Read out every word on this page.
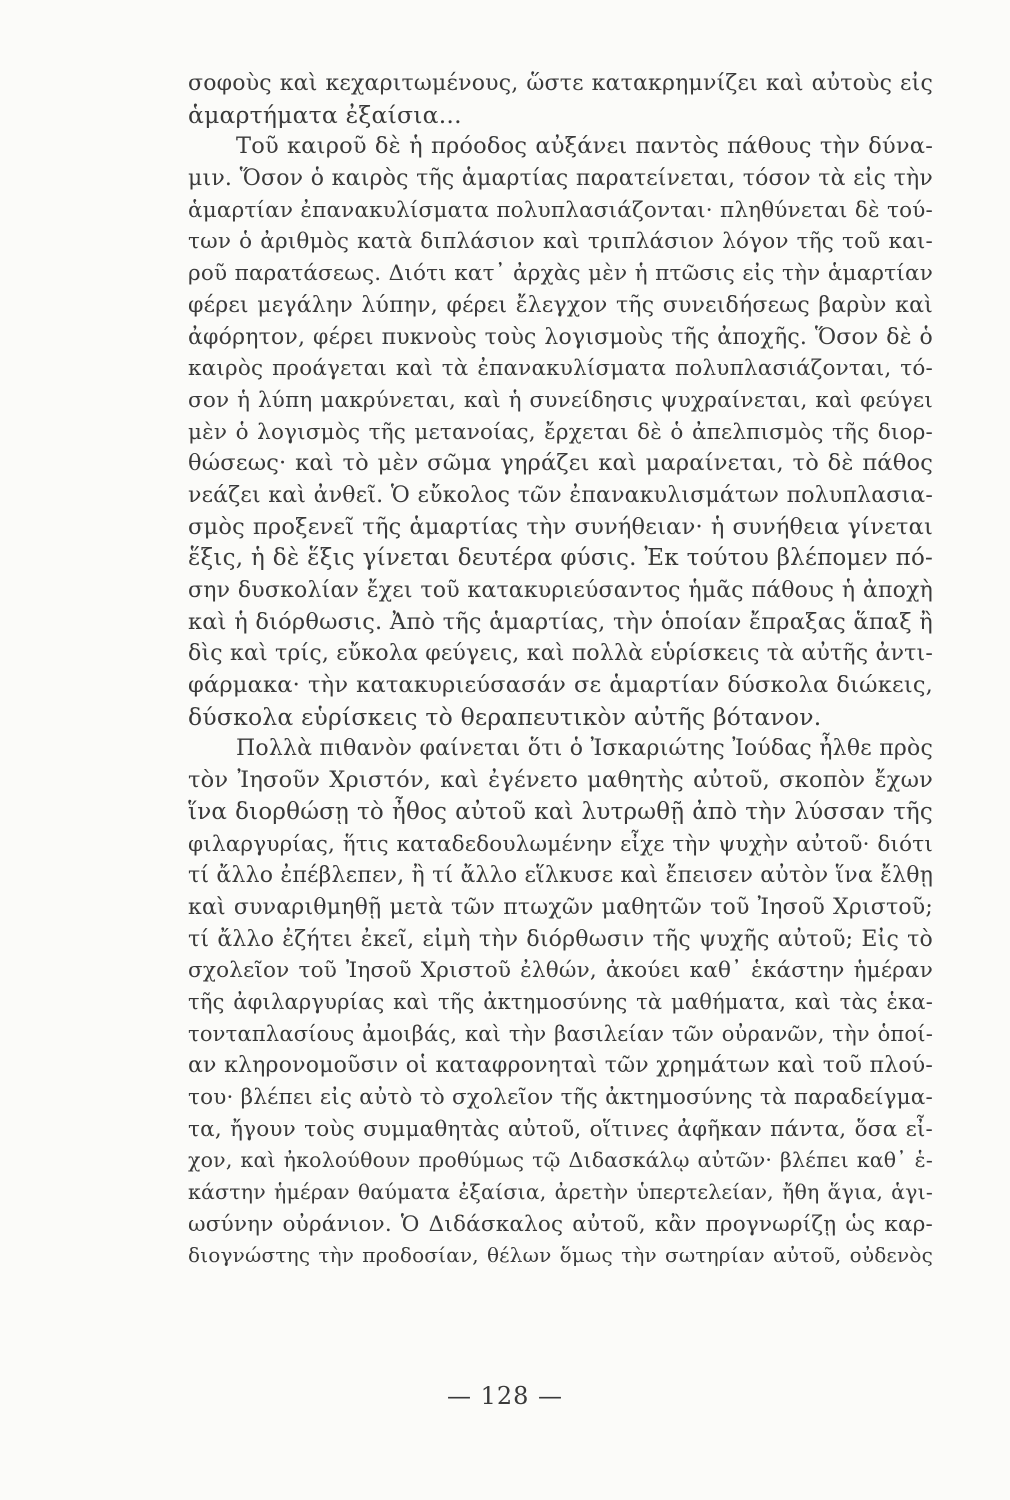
σοφοὺς καὶ κεχαριτωμένους, ὥστε κατακρημνίζει καὶ αὐτοὺς εἰς
ἁμαρτήματα ἐξαίσια...
Τοῦ καιροῦ δὲ ἡ πρόοδος αὐξάνει παντὸς πάθους τὴν δύνα-
μιν. Ὅσον ὁ καιρὸς τῆς ἁμαρτίας παρατείνεται, τόσον τὰ εἰς τὴν
ἁμαρτίαν ἐπανακυλίσματα πολυπλασιάζονται· πληθύνεται δὲ τού-
των ὁ ἀριθμὸς κατὰ διπλάσιον καὶ τριπλάσιον λόγον τῆς τοῦ και-
ροῦ παρατάσεως. Διότι κατ᾽ ἀρχὰς μὲν ἡ πτῶσις εἰς τὴν ἁμαρτίαν
φέρει μεγάλην λύπην, φέρει ἔλεγχον τῆς συνειδήσεως βαρὺν καὶ
ἀφόρητον, φέρει πυκνοὺς τοὺς λογισμοὺς τῆς ἀποχῆς. Ὅσον δὲ ὁ
καιρὸς προάγεται καὶ τὰ ἐπανακυλίσματα πολυπλασιάζονται, τό-
σον ἡ λύπη μακρύνεται, καὶ ἡ συνείδησις ψυχραίνεται, καὶ φεύγει
μὲν ὁ λογισμὸς τῆς μετανοίας, ἔρχεται δὲ ὁ ἀπελπισμὸς τῆς διορ-
θώσεως· καὶ τὸ μὲν σῶμα γηράζει καὶ μαραίνεται, τὸ δὲ πάθος
νεάζει καὶ ἀνθεῖ. Ὁ εὔκολος τῶν ἐπανακυλισμάτων πολυπλασια-
σμὸς προξενεῖ τῆς ἁμαρτίας τὴν συνήθειαν· ἡ συνήθεια γίνεται
ἕξις, ἡ δὲ ἕξις γίνεται δευτέρα φύσις. Ἐκ τούτου βλέπομεν πό-
σην δυσκολίαν ἔχει τοῦ κατακυριεύσαντος ἡμᾶς πάθους ἡ ἀποχὴ
καὶ ἡ διόρθωσις. Ἀπὸ τῆς ἁμαρτίας, τὴν ὁποίαν ἔπραξας ἅπαξ ἢ
δὶς καὶ τρίς, εὔκολα φεύγεις, καὶ πολλὰ εὑρίσκεις τὰ αὐτῆς ἀντι-
φάρμακα· τὴν κατακυριεύσασάν σε ἁμαρτίαν δύσκολα διώκεις,
δύσκολα εὑρίσκεις τὸ θεραπευτικὸν αὐτῆς βότανον.
Πολλὰ πιθανὸν φαίνεται ὅτι ὁ Ἰσκαριώτης Ἰούδας ἦλθε πρὸς
τὸν Ἰησοῦν Χριστόν, καὶ ἐγένετο μαθητὴς αὐτοῦ, σκοπὸν ἔχων
ἵνα διορθώσῃ τὸ ἦθος αὐτοῦ καὶ λυτρωθῇ ἀπὸ τὴν λύσσαν τῆς
φιλαργυρίας, ἥτις καταδεδουλωμένην εἶχε τὴν ψυχὴν αὐτοῦ· διότι
τί ἄλλο ἐπέβλεπεν, ἢ τί ἄλλο εἵλκυσε καὶ ἔπεισεν αὐτὸν ἵνα ἔλθῃ
καὶ συναριθμηθῇ μετὰ τῶν πτωχῶν μαθητῶν τοῦ Ἰησοῦ Χριστοῦ;
τί ἄλλο ἐζήτει ἐκεῖ, εἰμὴ τὴν διόρθωσιν τῆς ψυχῆς αὐτοῦ; Εἰς τὸ
σχολεῖον τοῦ Ἰησοῦ Χριστοῦ ἐλθών, ἀκούει καθ᾽ ἑκάστην ἡμέραν
τῆς ἀφιλαργυρίας καὶ τῆς ἀκτημοσύνης τὰ μαθήματα, καὶ τὰς ἑκα-
τονταπλασίους ἀμοιβάς, καὶ τὴν βασιλείαν τῶν οὐρανῶν, τὴν ὁποί-
αν κληρονομοῦσιν οἱ καταφρονηταὶ τῶν χρημάτων καὶ τοῦ πλού-
του· βλέπει εἰς αὐτὸ τὸ σχολεῖον τῆς ἀκτημοσύνης τὰ παραδείγμα-
τα, ἤγουν τοὺς συμμαθητὰς αὐτοῦ, οἵτινες ἀφῆκαν πάντα, ὅσα εἶ-
χον, καὶ ἠκολούθουν προθύμως τῷ Διδασκάλῳ αὐτῶν· βλέπει καθ᾽ ἑ-
κάστην ἡμέραν θαύματα ἐξαίσια, ἀρετὴν ὑπερτελείαν, ἤθη ἅγια, ἁγι-
ωσύνην οὐράνιον. Ὁ Διδάσκαλος αὐτοῦ, κἂν προγνωρίζῃ ὡς καρ-
διογνώστης τὴν προδοσίαν, θέλων ὅμως τὴν σωτηρίαν αὐτοῦ, οὐδενὸς
— 128 —
